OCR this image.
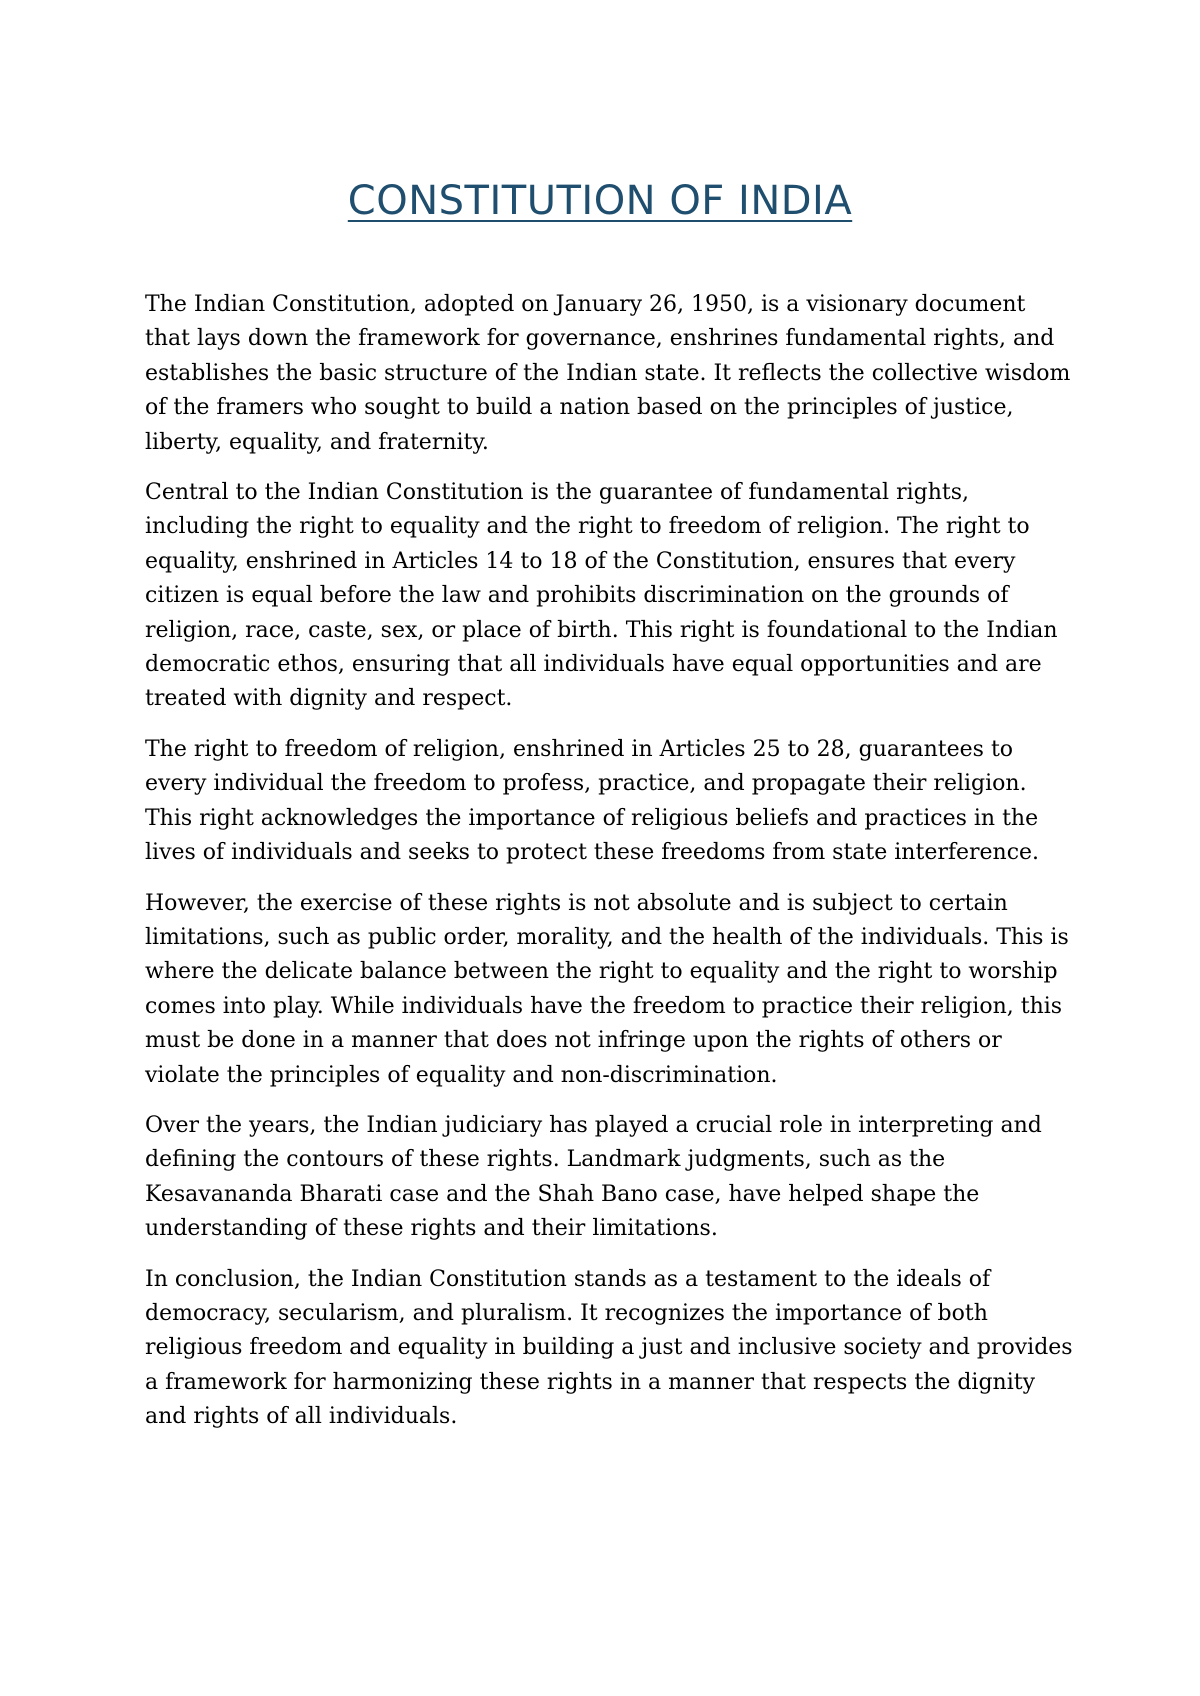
CONSTITUTION OF INDIA

The Indian Constitution, adopted on January 26, 1950, is a visionary document that lays down the framework for governance, enshrines fundamental rights, and establishes the basic structure of the Indian state. It reflects the collective wisdom of the framers who sought to build a nation based on the principles of justice, liberty, equality, and fraternity.

Central to the Indian Constitution is the guarantee of fundamental rights, including the right to equality and the right to freedom of religion. The right to equality, enshrined in Articles 14 to 18 of the Constitution, ensures that every citizen is equal before the law and prohibits discrimination on the grounds of religion, race, caste, sex, or place of birth. This right is foundational to the Indian democratic ethos, ensuring that all individuals have equal opportunities and are treated with dignity and respect.

The right to freedom of religion, enshrined in Articles 25 to 28, guarantees to every individual the freedom to profess, practice, and propagate their religion. This right acknowledges the importance of religious beliefs and practices in the lives of individuals and seeks to protect these freedoms from state interference.

However, the exercise of these rights is not absolute and is subject to certain limitations, such as public order, morality, and the health of the individuals. This is where the delicate balance between the right to equality and the right to worship comes into play. While individuals have the freedom to practice their religion, this must be done in a manner that does not infringe upon the rights of others or violate the principles of equality and non-discrimination.

Over the years, the Indian judiciary has played a crucial role in interpreting and defining the contours of these rights. Landmark judgments, such as the Kesavananda Bharati case and the Shah Bano case, have helped shape the understanding of these rights and their limitations.

In conclusion, the Indian Constitution stands as a testament to the ideals of democracy, secularism, and pluralism. It recognizes the importance of both religious freedom and equality in building a just and inclusive society and provides a framework for harmonizing these rights in a manner that respects the dignity and rights of all individuals.
